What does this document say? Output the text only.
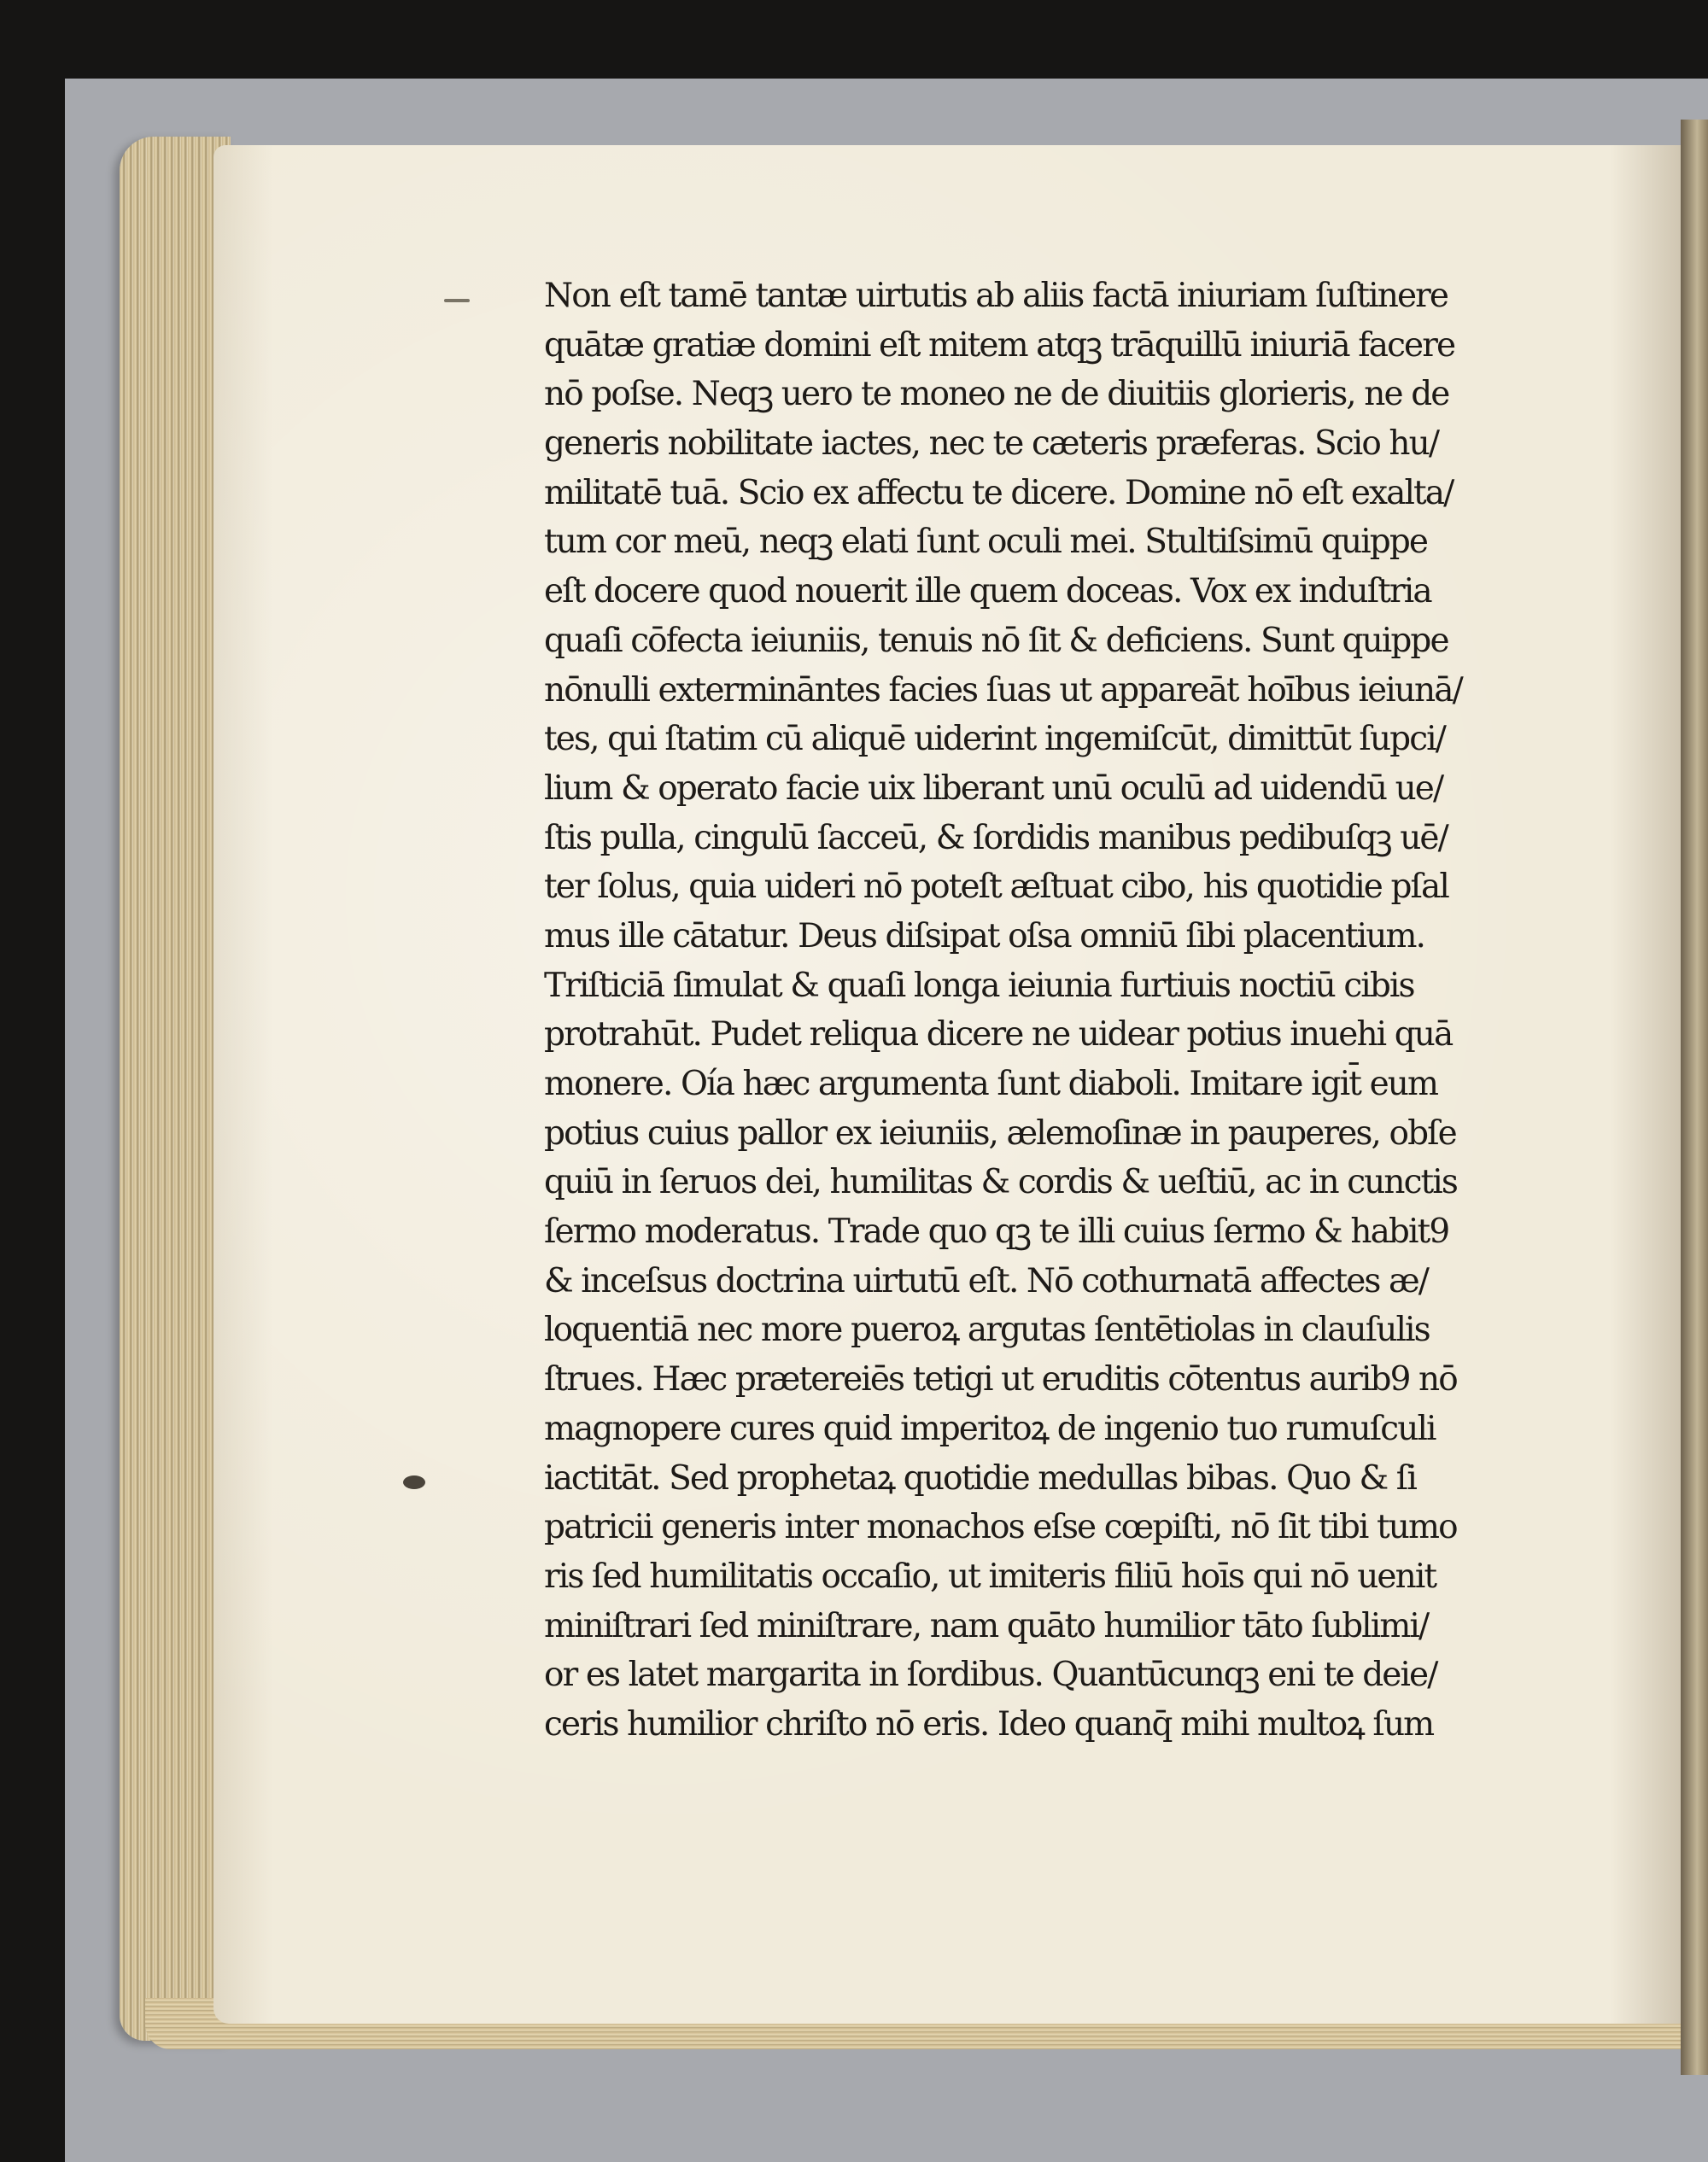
Non eſt tamē tantæ uirtutis ab aliis factā iniuriam ſuſtinere
quātæ gratiæ domini eſt mitem atqꝫ trāquillū iniuriā facere
nō poſse. Neqꝫ uero te moneo ne de diuitiis glorieris, ne de
generis nobilitate iactes, nec te cæteris præferas. Scio hu/
militatē tuā. Scio ex affectu te dicere. Domine nō eſt exalta/
tum cor meū, neqꝫ elati ſunt oculi mei. Stultiſsimū quippe
eſt docere quod nouerit ille quem doceas. Vox ex induſtria
quaſi cōfecta ieiuniis, tenuis nō ſit & deficiens. Sunt quippe
nōnulli extermināntes facies ſuas ut appareāt hoībus ieiunā/
tes, qui ſtatim cū aliquē uiderint ingemiſcūt, dimittūt ſupci/
lium & operato facie uix liberant unū oculū ad uidendū ue/
ſtis pulla, cingulū ſacceū, & ſordidis manibus pedibuſqꝫ uē/
ter ſolus, quia uideri nō poteſt æſtuat cibo, his quotidie pſal
mus ille cātatur. Deus diſsipat oſsa omniū ſibi placentium.
Triſticiā ſimulat & quaſi longa ieiunia furtiuis noctiū cibis
protrahūt. Pudet reliqua dicere ne uidear potius inuehi quā
monere. Oía hæc argumenta ſunt diaboli. Imitare igit̄ eum
potius cuius pallor ex ieiuniis, ælemoſinæ in pauperes, obſe
quiū in ſeruos dei, humilitas & cordis & ueſtiū, ac in cunctis
ſermo moderatus. Trade quo qꝫ te illi cuius ſermo & habit9
& inceſsus doctrina uirtutū eſt. Nō cothurnatā affectes æ/
loquentiā nec more pueroꝝ argutas ſentētiolas in clauſulis
ſtrues. Hæc prætereiēs tetigi ut eruditis cōtentus aurib9 nō
magnopere cures quid imperitoꝝ de ingenio tuo rumuſculi
iactitāt. Sed prophetaꝝ quotidie medullas bibas. Quo & ſi
patricii generis inter monachos eſse cœpiſti, nō ſit tibi tumo
ris ſed humilitatis occaſio, ut imiteris filiū hoīs qui nō uenit
miniſtrari ſed miniſtrare, nam quāto humilior tāto ſublimi/
or es latet margarita in ſordibus. Quantūcunqꝫ eni te deie/
ceris humilior chriſto nō eris. Ideo quanq̄ mihi multoꝝ ſum
